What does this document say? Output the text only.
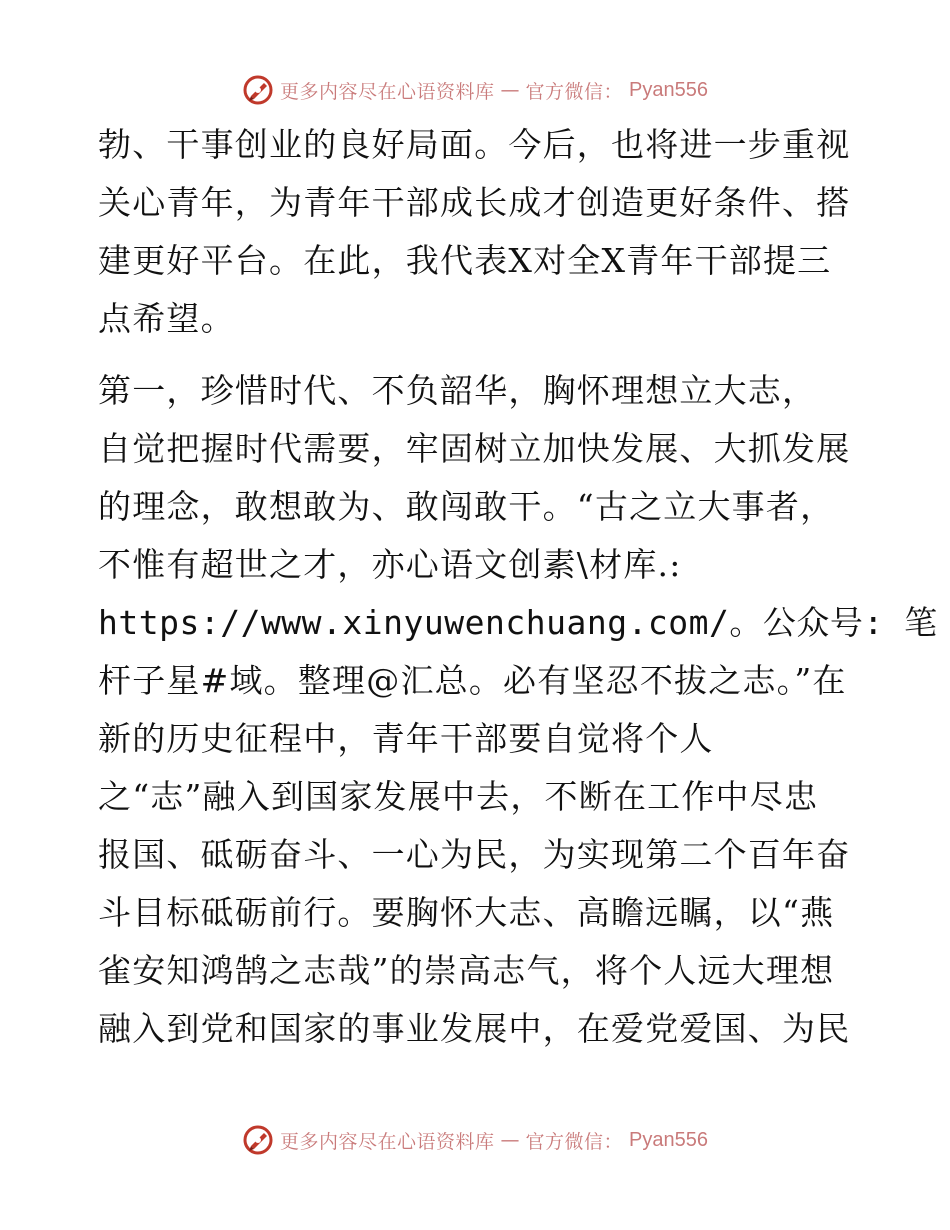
更多内容尽在心语资料库 — 官方微信： Pyan556
勃、干事创业的良好局面。今后，也将进一步重视
关心青年，为青年干部成长成才创造更好条件、搭
建更好平台。在此，我代表X对全X青年干部提三
点希望。
第一，珍惜时代、不负韶华，胸怀理想立大志，
自觉把握时代需要，牢固树立加快发展、大抓发展
的理念，敢想敢为、敢闯敢干。“古之立大事者，
不惟有超世之才，亦心语文创素\材库.:
https://www.xinyuwenchuang.com/。公众号: 笔
杆子星#域。整理@汇总。必有坚忍不拔之志。”在
新的历史征程中，青年干部要自觉将个人
之“志”融入到国家发展中去，不断在工作中尽忠
报国、砥砺奋斗、一心为民，为实现第二个百年奋
斗目标砥砺前行。要胸怀大志、高瞻远瞩，以“燕
雀安知鸿鹄之志哉”的崇高志气，将个人远大理想
融入到党和国家的事业发展中，在爱党爱国、为民
更多内容尽在心语资料库 — 官方微信： Pyan556
